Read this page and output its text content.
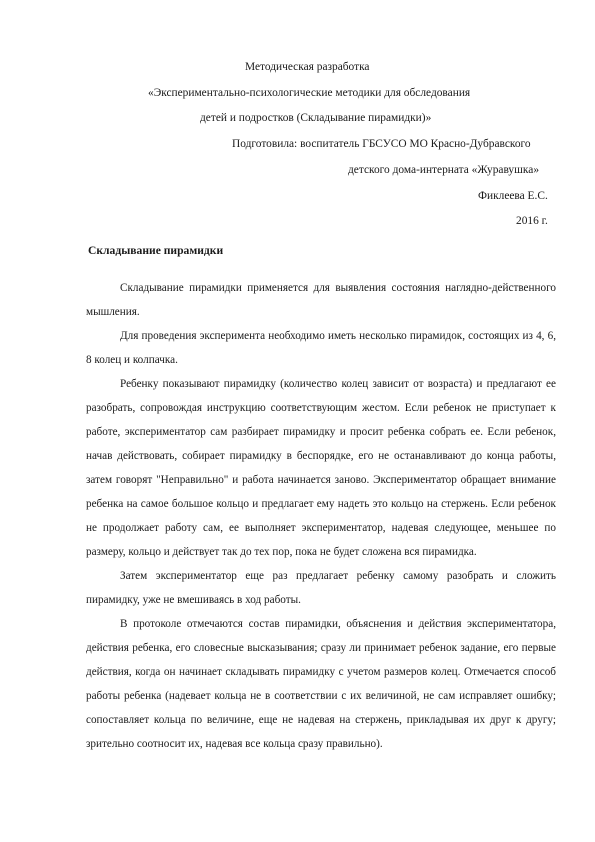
Методическая разработка
«Экспериментально-психологические методики для обследования
детей и подростков (Складывание пирамидки)»
Подготовила: воспитатель ГБСУСО МО Красно-Дубравского
детского дома-интерната «Журавушка»
Фиклеева Е.С.
2016 г.
Складывание пирамидки

Складывание пирамидки применяется для выявления состояния наглядно-действенного мышления.

Для проведения эксперимента необходимо иметь несколько пирамидок, состоящих из 4, 6, 8 колец и колпачка.

Ребенку показывают пирамидку (количество колец зависит от возраста) и предлагают ее разобрать, сопровождая инструкцию соответствующим жестом. Если ребенок не приступает к работе, экспериментатор сам разбирает пирамидку и просит ребенка собрать ее. Если ребенок, начав действовать, собирает пирамидку в беспорядке, его не останавливают до конца работы, затем говорят "Неправильно" и работа начинается заново. Экспериментатор обращает внимание ребенка на самое большое кольцо и предлагает ему надеть это кольцо на стержень. Если ребенок не продолжает работу сам, ее выполняет экспериментатор, надевая следующее, меньшее по размеру, кольцо и действует так до тех пор, пока не будет сложена вся пирамидка.

Затем экспериментатор еще раз предлагает ребенку самому разобрать и сложить пирамидку, уже не вмешиваясь в ход работы.

В протоколе отмечаются состав пирамидки, объяснения и действия экспериментатора, действия ребенка, его словесные высказывания; сразу ли принимает ребенок задание, его первые действия, когда он начинает складывать пирамидку с учетом размеров колец. Отмечается способ работы ребенка (надевает кольца не в соответствии с их величиной, не сам исправляет ошибку; сопоставляет кольца по величине, еще не надевая на стержень, прикладывая их друг к другу; зрительно соотносит их, надевая все кольца сразу правильно).
